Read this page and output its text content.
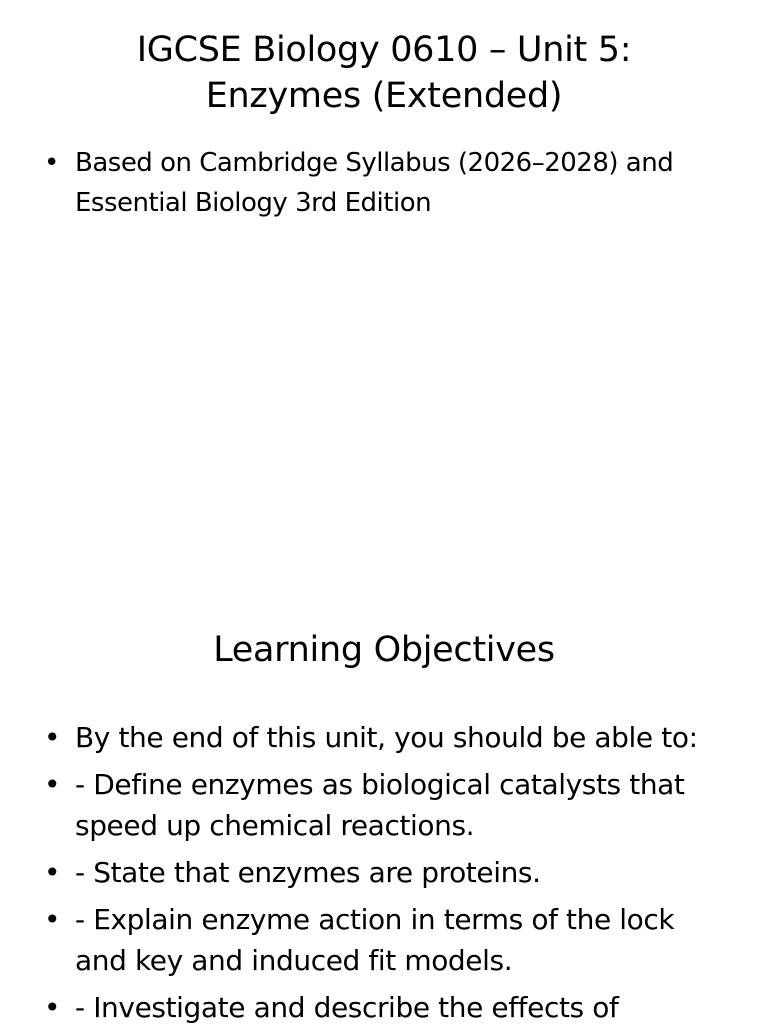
IGCSE Biology 0610 – Unit 5:
Enzymes (Extended)
• Based on Cambridge Syllabus (2026–2028) and Essential Biology 3rd Edition
Learning Objectives
• By the end of this unit, you should be able to:
• - Define enzymes as biological catalysts that speed up chemical reactions.
• - State that enzymes are proteins.
• - Explain enzyme action in terms of the lock and key and induced fit models.
• - Investigate and describe the effects of
